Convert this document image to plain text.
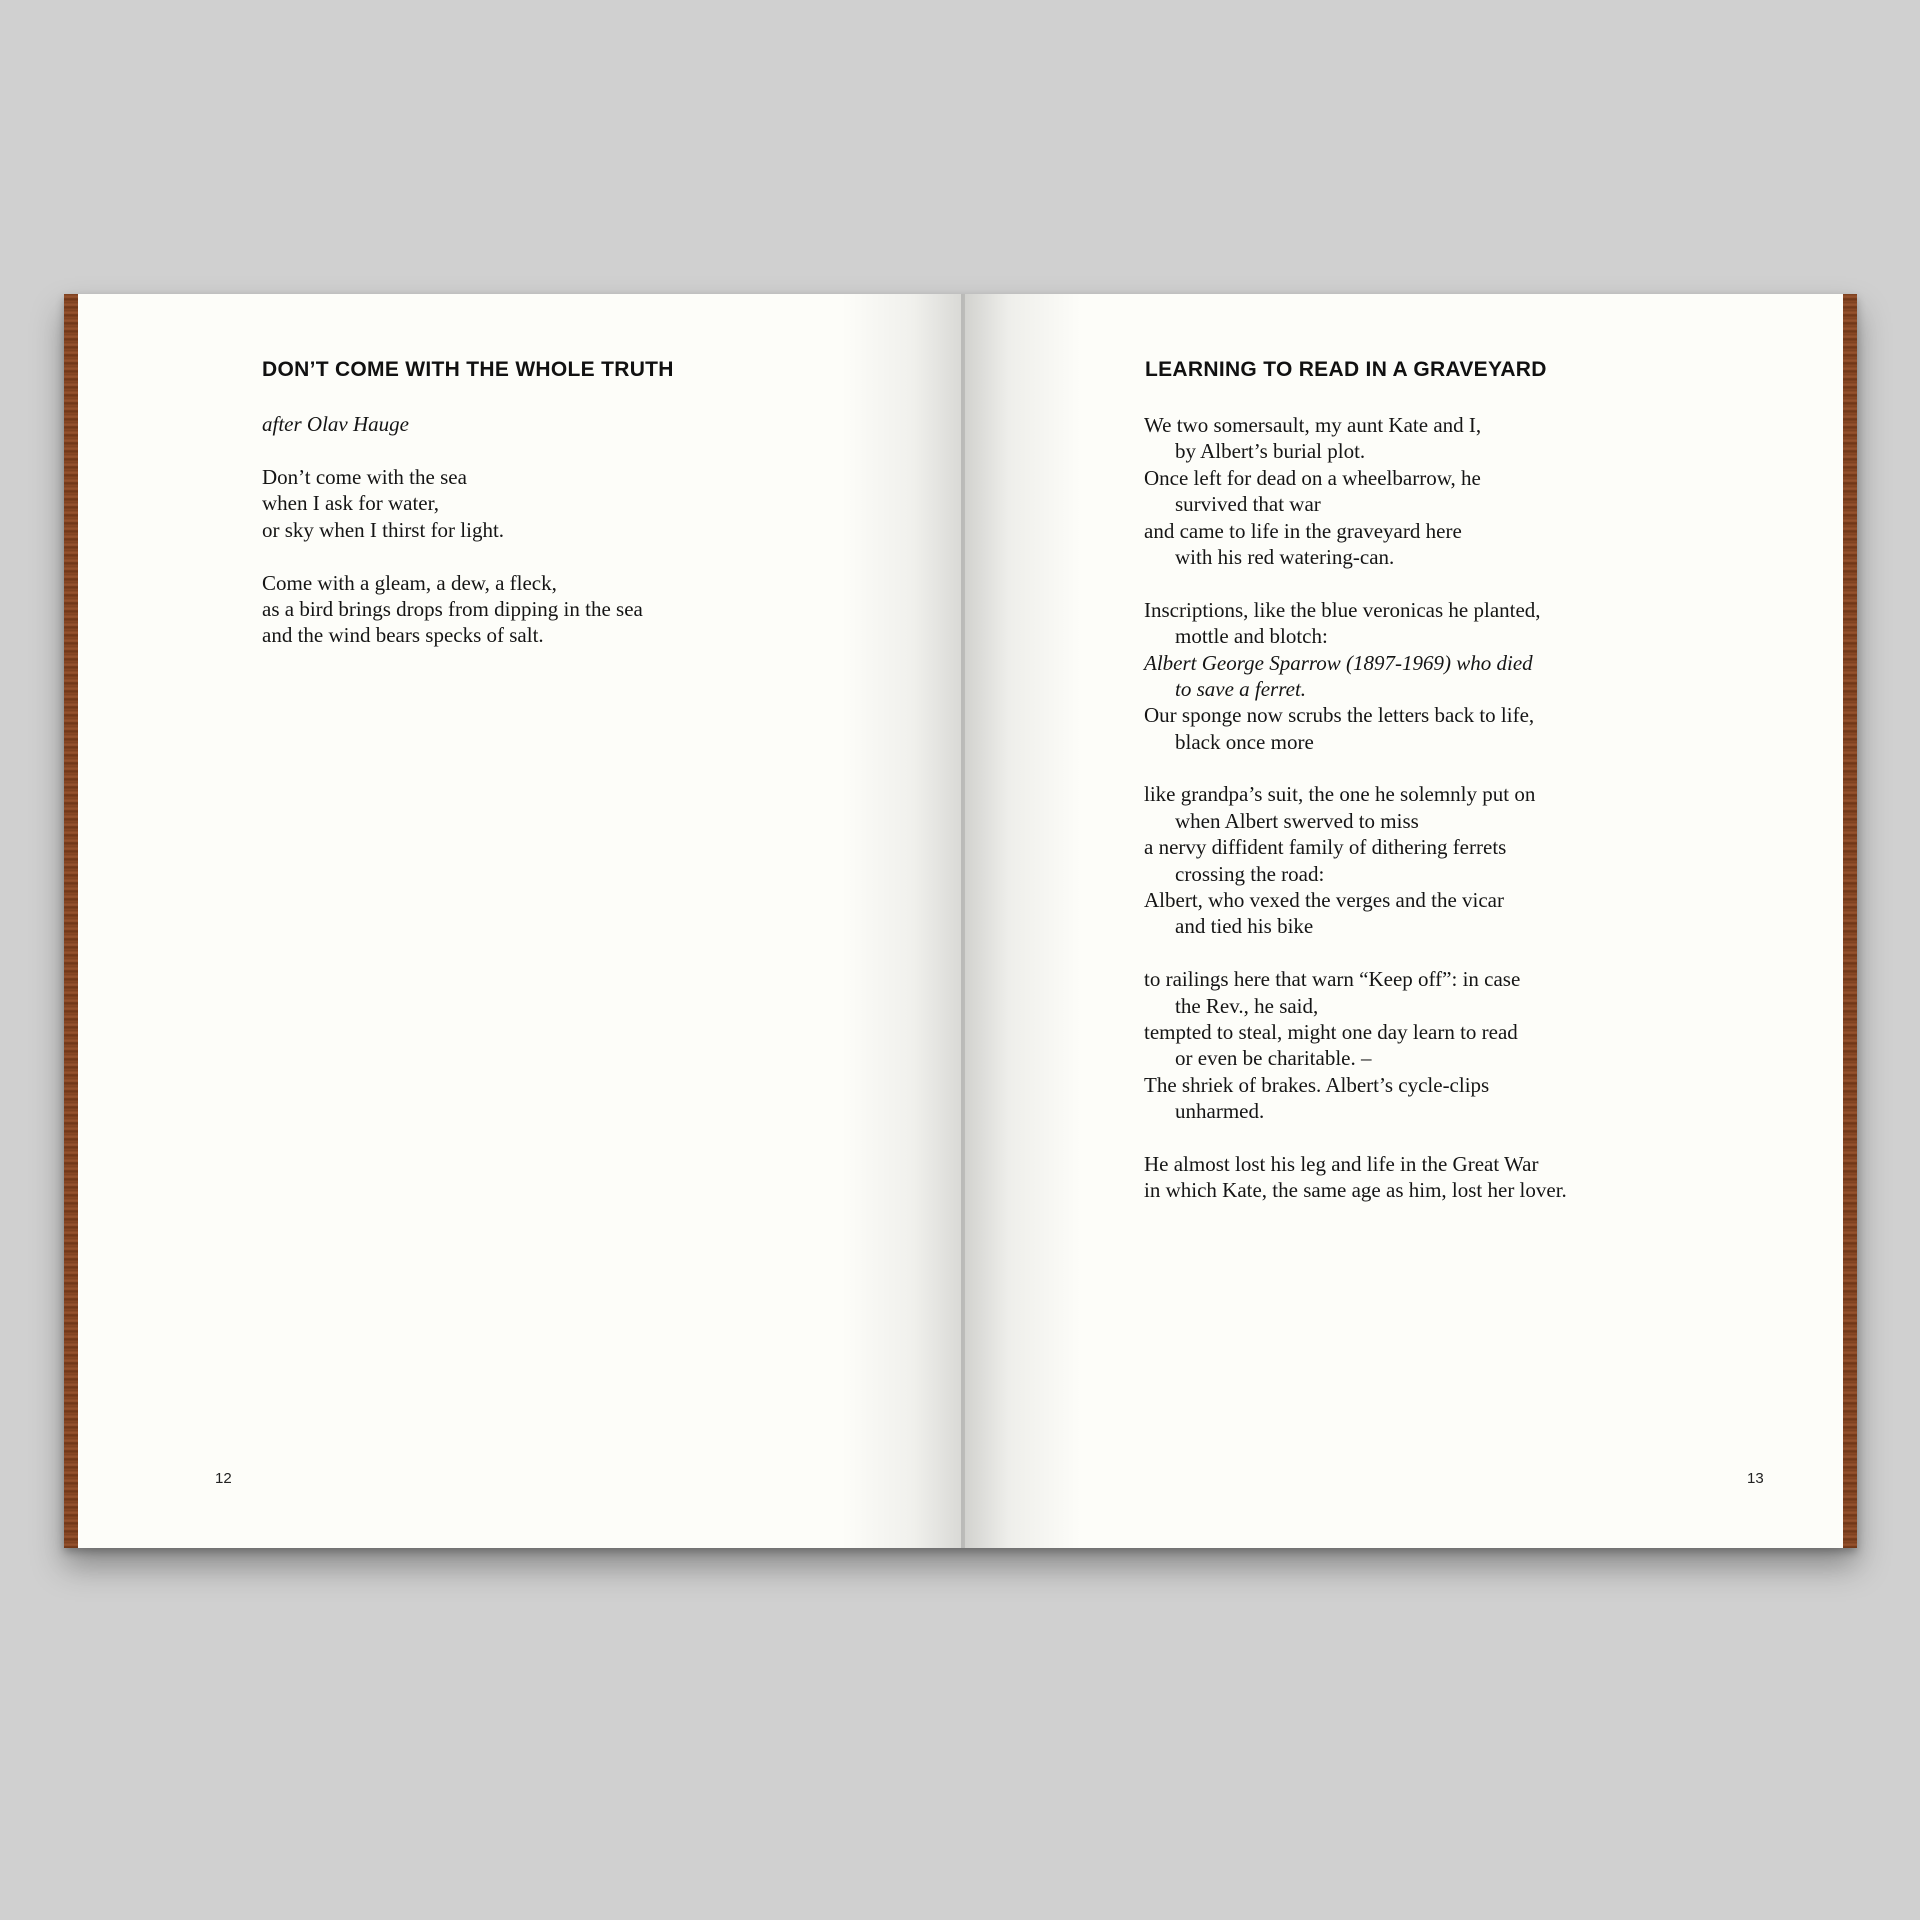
DON’T COME WITH THE WHOLE TRUTH
after Olav Hauge
Don’t come with the sea
when I ask for water,
or sky when I thirst for light.
Come with a gleam, a dew, a fleck,
as a bird brings drops from dipping in the sea
and the wind bears specks of salt.
12
LEARNING TO READ IN A GRAVEYARD
We two somersault, my aunt Kate and I,
by Albert’s burial plot.
Once left for dead on a wheelbarrow, he
survived that war
and came to life in the graveyard here
with his red watering-can.
Inscriptions, like the blue veronicas he planted,
mottle and blotch:
Albert George Sparrow (1897-1969) who died
to save a ferret.
Our sponge now scrubs the letters back to life,
black once more
like grandpa’s suit, the one he solemnly put on
when Albert swerved to miss
a nervy diffident family of dithering ferrets
crossing the road:
Albert, who vexed the verges and the vicar
and tied his bike
to railings here that warn “Keep off”: in case
the Rev., he said,
tempted to steal, might one day learn to read
or even be charitable. –
The shriek of brakes. Albert’s cycle-clips
unharmed.
He almost lost his leg and life in the Great War
in which Kate, the same age as him, lost her lover.
13
